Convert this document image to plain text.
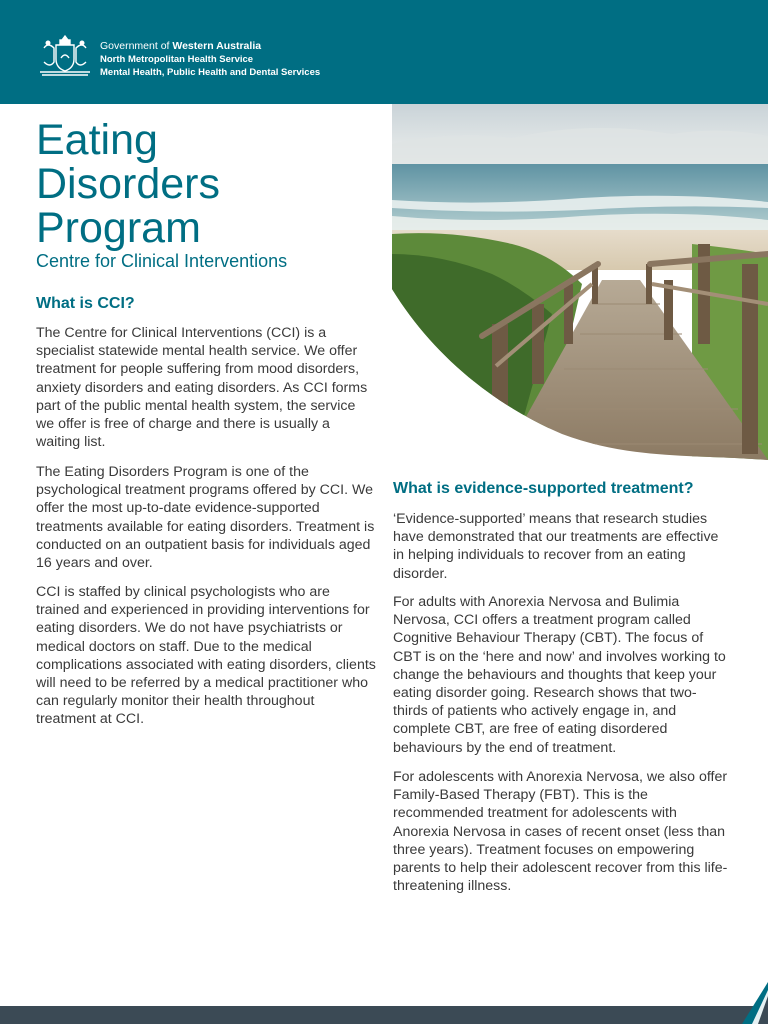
Government of Western Australia
North Metropolitan Health Service
Mental Health, Public Health and Dental Services
Eating
Disorders
Program
Centre for Clinical Interventions
What is CCI?

The Centre for Clinical Interventions (CCI) is a specialist statewide mental health service. We offer treatment for people suffering from mood disorders, anxiety disorders and eating disorders. As CCI forms part of the public mental health system, the service we offer is free of charge and there is usually a waiting list.

The Eating Disorders Program is one of the psychological treatment programs offered by CCI. We offer the most up-to-date evidence-supported treatments available for eating disorders. Treatment is conducted on an outpatient basis for individuals aged 16 years and over.

CCI is staffed by clinical psychologists who are trained and experienced in providing interventions for eating disorders. We do not have psychiatrists or medical doctors on staff. Due to the medical complications associated with eating disorders, clients will need to be referred by a medical practitioner who can regularly monitor their health throughout treatment at CCI.

What is evidence-supported treatment?

‘Evidence-supported’ means that research studies have demonstrated that our treatments are effective in helping individuals to recover from an eating disorder.

For adults with Anorexia Nervosa and Bulimia Nervosa, CCI offers a treatment program called Cognitive Behaviour Therapy (CBT). The focus of CBT is on the ‘here and now’ and involves working to change the behaviours and thoughts that keep your eating disorder going. Research shows that two-thirds of patients who actively engage in, and complete CBT, are free of eating disordered behaviours by the end of treatment.

For adolescents with Anorexia Nervosa, we also offer Family-Based Therapy (FBT). This is the recommended treatment for adolescents with Anorexia Nervosa in cases of recent onset (less than three years). Treatment focuses on empowering parents to help their adolescent recover from this life-threatening illness.
